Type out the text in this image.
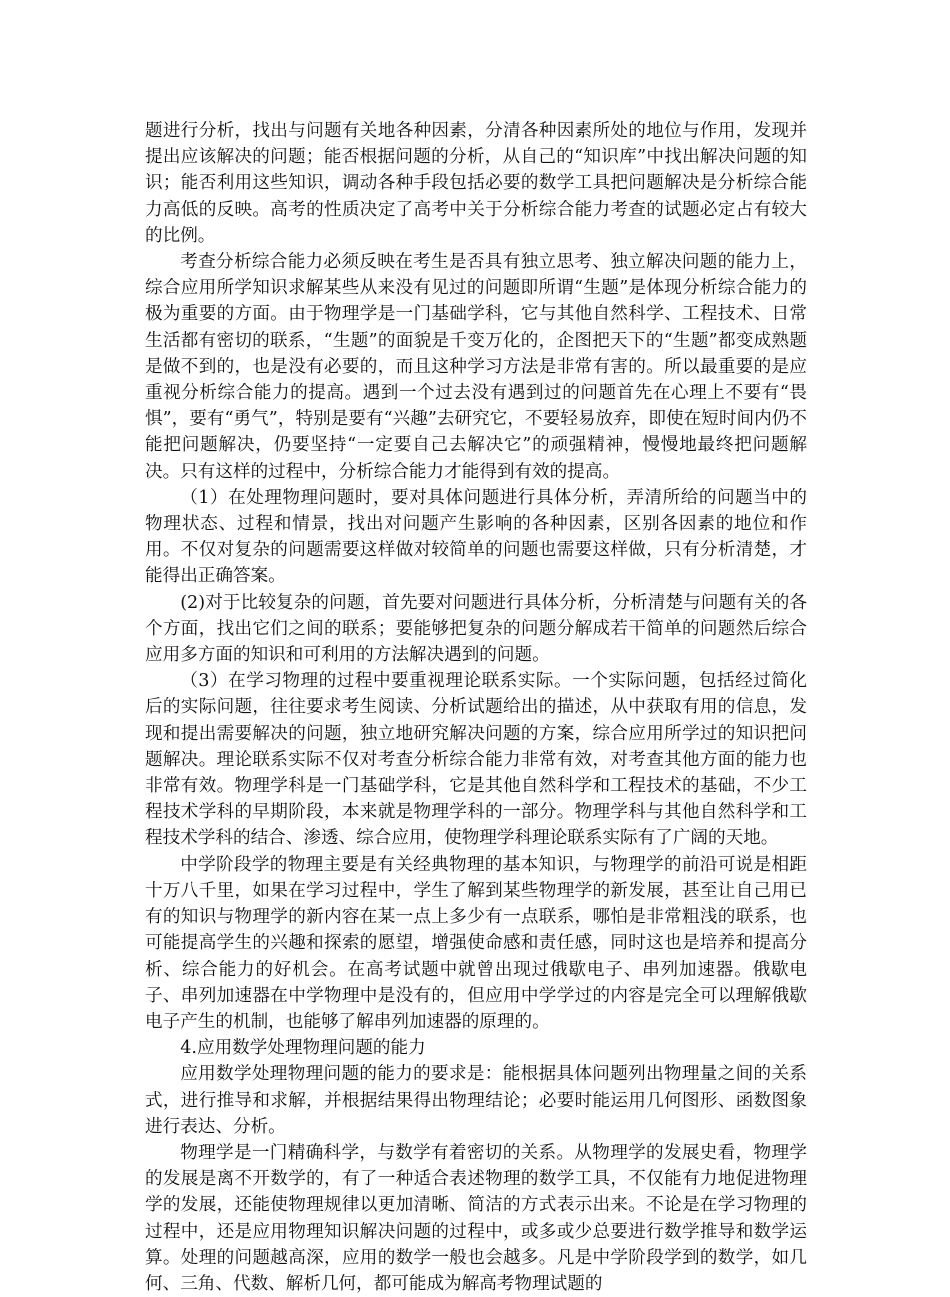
题进行分析，找出与问题有关地各种因素，分清各种因素所处的地位与作用，发现并提出应该解决的问题；能否根据问题的分析，从自己的“知识库”中找出解决问题的知识；能否利用这些知识，调动各种手段包括必要的数学工具把问题解决是分析综合能力高低的反映。高考的性质决定了高考中关于分析综合能力考查的试题必定占有较大的比例。

考查分析综合能力必须反映在考生是否具有独立思考、独立解决问题的能力上，综合应用所学知识求解某些从来没有见过的问题即所谓“生题”是体现分析综合能力的极为重要的方面。由于物理学是一门基础学科，它与其他自然科学、工程技术、日常生活都有密切的联系，“生题”的面貌是千变万化的，企图把天下的“生题”都变成熟题是做不到的，也是没有必要的，而且这种学习方法是非常有害的。所以最重要的是应重视分析综合能力的提高。遇到一个过去没有遇到过的问题首先在心理上不要有“畏惧”，要有“勇气”，特别是要有“兴趣”去研究它，不要轻易放弃，即使在短时间内仍不能把问题解决，仍要坚持“一定要自己去解决它”的顽强精神，慢慢地最终把问题解决。只有这样的过程中，分析综合能力才能得到有效的提高。

（1）在处理物理问题时，要对具体问题进行具体分析，弄清所给的问题当中的物理状态、过程和情景，找出对问题产生影响的各种因素，区别各因素的地位和作用。不仅对复杂的问题需要这样做对较简单的问题也需要这样做，只有分析清楚，才能得出正确答案。

(2)对于比较复杂的问题，首先要对问题进行具体分析，分析清楚与问题有关的各个方面，找出它们之间的联系；要能够把复杂的问题分解成若干简单的问题然后综合应用多方面的知识和可利用的方法解决遇到的问题。

（3）在学习物理的过程中要重视理论联系实际。一个实际问题，包括经过简化后的实际问题，往往要求考生阅读、分析试题给出的描述，从中获取有用的信息，发现和提出需要解决的问题，独立地研究解决问题的方案，综合应用所学过的知识把问题解决。理论联系实际不仅对考查分析综合能力非常有效，对考查其他方面的能力也非常有效。物理学科是一门基础学科，它是其他自然科学和工程技术的基础，不少工程技术学科的早期阶段，本来就是物理学科的一部分。物理学科与其他自然科学和工程技术学科的结合、渗透、综合应用，使物理学科理论联系实际有了广阔的天地。

中学阶段学的物理主要是有关经典物理的基本知识，与物理学的前沿可说是相距十万八千里，如果在学习过程中，学生了解到某些物理学的新发展，甚至让自己用已有的知识与物理学的新内容在某一点上多少有一点联系，哪怕是非常粗浅的联系，也可能提高学生的兴趣和探索的愿望，增强使命感和责任感，同时这也是培养和提高分析、综合能力的好机会。在高考试题中就曾出现过俄歇电子、串列加速器。俄歇电子、串列加速器在中学物理中是没有的，但应用中学学过的内容是完全可以理解俄歇电子产生的机制，也能够了解串列加速器的原理的。

4.应用数学处理物理问题的能力

应用数学处理物理问题的能力的要求是：能根据具体问题列出物理量之间的关系式，进行推导和求解，并根据结果得出物理结论；必要时能运用几何图形、函数图象进行表达、分析。

物理学是一门精确科学，与数学有着密切的关系。从物理学的发展史看，物理学的发展是离不开数学的，有了一种适合表述物理的数学工具，不仅能有力地促进物理学的发展，还能使物理规律以更加清晰、简洁的方式表示出来。不论是在学习物理的过程中，还是应用物理知识解决问题的过程中，或多或少总要进行数学推导和数学运算。处理的问题越高深，应用的数学一般也会越多。凡是中学阶段学到的数学，如几何、三角、代数、解析几何，都可能成为解高考物理试题的
